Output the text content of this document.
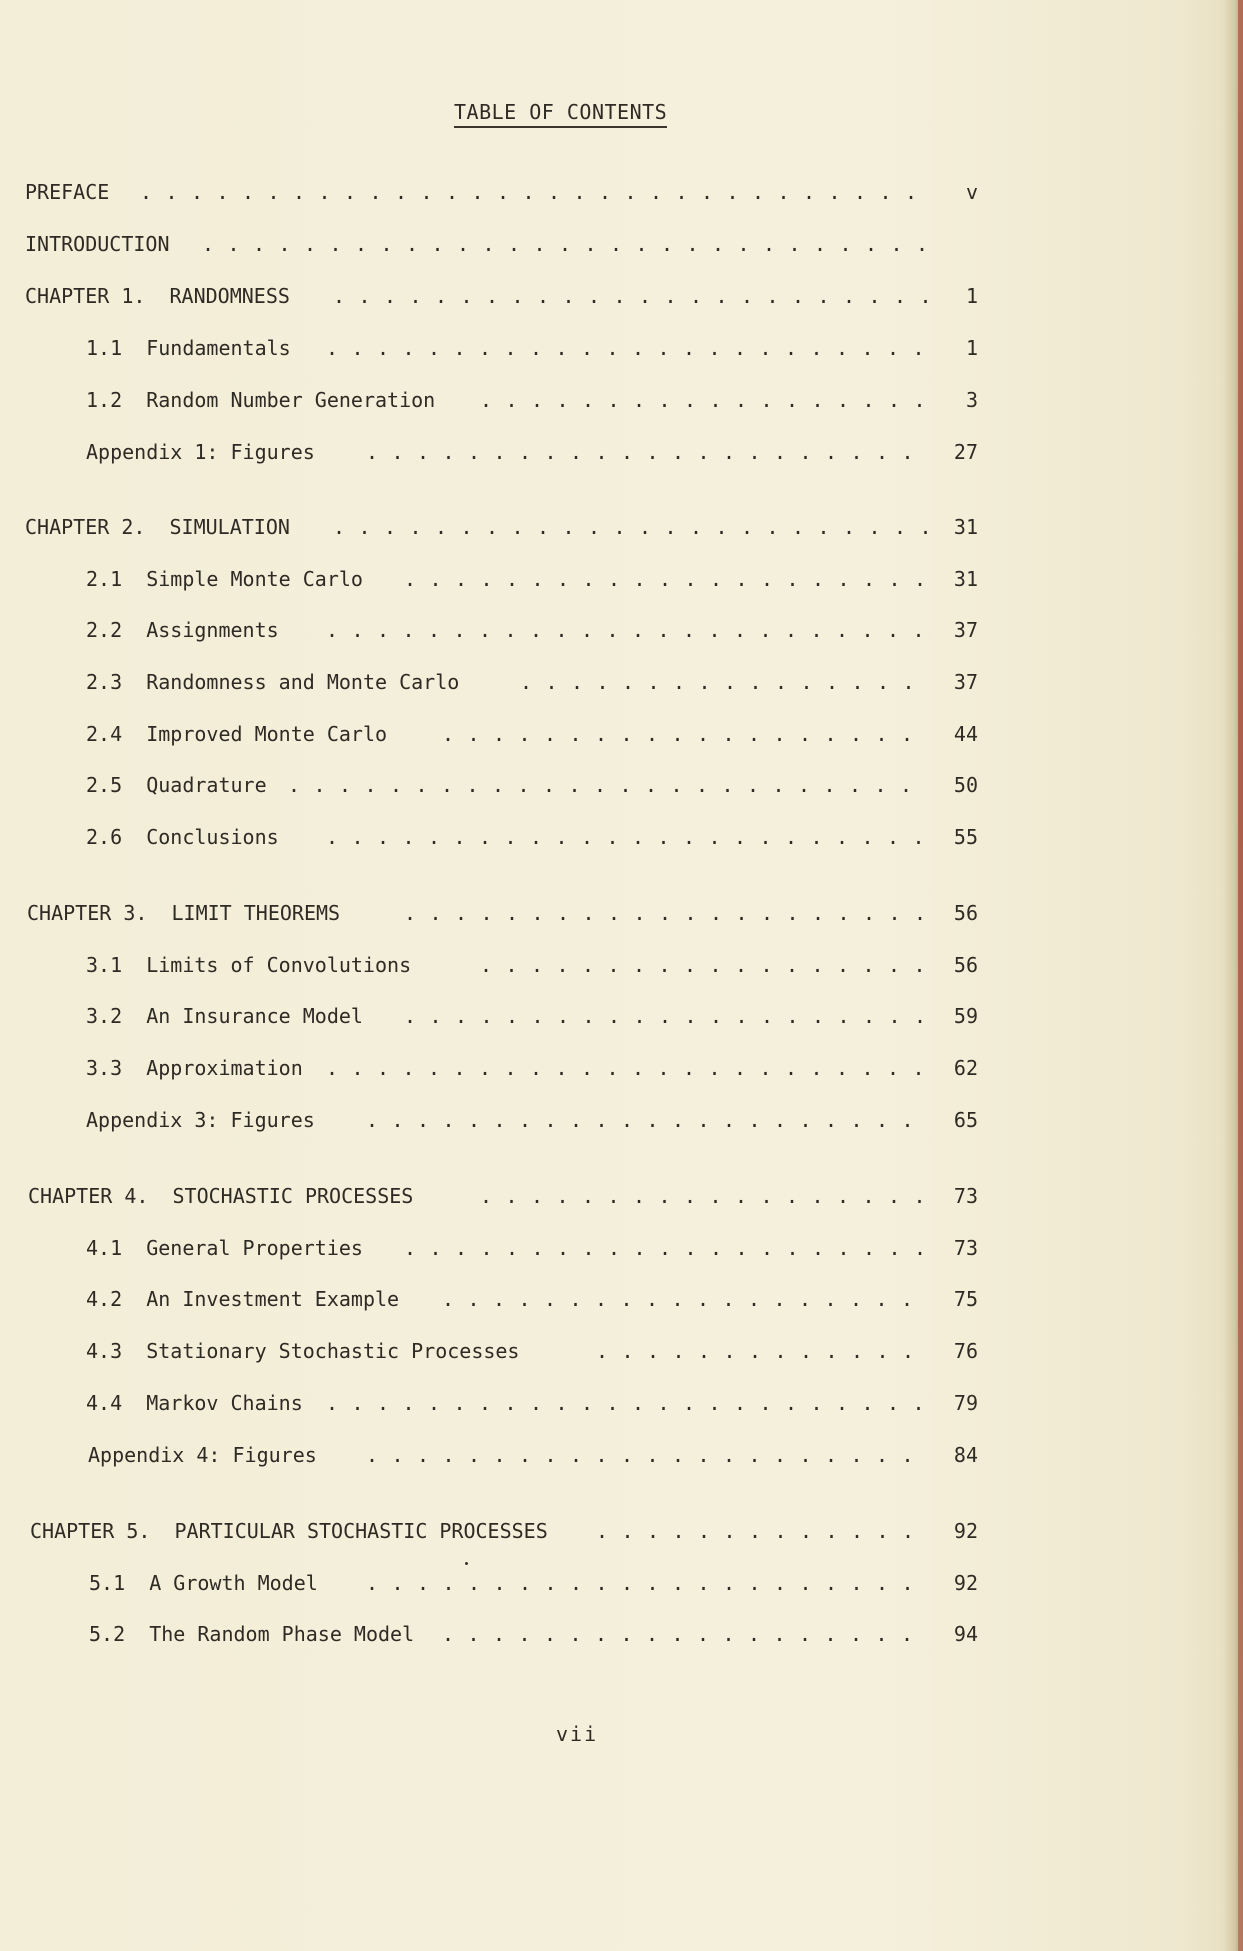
TABLE OF CONTENTS
PREFACE . . . . . . . . . . . . . . . . . . . . . . . . . . . . . . .	v
INTRODUCTION . . . . . . . . . . . . . . . . . . . . . . . . . . . . .
CHAPTER 1.  RANDOMNESS . . . . . . . . . . . . . . . . . . . . . . . .	1
1.1  Fundamentals . . . . . . . . . . . . . . . . . . . . . . . .	1
1.2  Random Number Generation . . . . . . . . . . . . . . . . . .	3
Appendix 1: Figures	. . . . . . . . . . . . . . . . . . . . . .	27
CHAPTER 2.  SIMULATION . . . . . . . . . . . . . . . . . . . . . . . .	31
2.1  Simple Monte Carlo . . . . . . . . . . . . . . . . . . . . .	31
2.2  Assignments . . . . . . . . . . . . . . . . . . . . . . . .	37
2.3  Randomness and Monte Carlo	. . . . . . . . . . . . . . . .	37
2.4  Improved Monte Carlo	. . . . . . . . . . . . . . . . . . .	44
2.5  Quadrature . . . . . . . . . . . . . . . . . . . . . . . . .	50
2.6  Conclusions . . . . . . . . . . . . . . . . . . . . . . . .	55
CHAPTER 3.  LIMIT THEOREMS	. . . . . . . . . . . . . . . . . . . . .	56
3.1  Limits of Convolutions	. . . . . . . . . . . . . . . . . .	56
3.2  An Insurance Model . . . . . . . . . . . . . . . . . . . . .	59
3.3  Approximation . . . . . . . . . . . . . . . . . . . . . . . .	62
Appendix 3: Figures	. . . . . . . . . . . . . . . . . . . . . .	65
CHAPTER 4.  STOCHASTIC PROCESSES	. . . . . . . . . . . . . . . . . .	73
4.1  General Properties . . . . . . . . . . . . . . . . . . . . .	73
4.2  An Investment Example . . . . . . . . . . . . . . . . . . .	75
4.3  Stationary Stochastic Processes	. . . . . . . . . . . . .	76
4.4  Markov Chains . . . . . . . . . . . . . . . . . . . . . . . .	79
Appendix 4: Figures . . . . . . . . . . . . . . . . . . . . . .	84
CHAPTER 5.  PARTICULAR STOCHASTIC PROCESSES . . . . . . . . . . . . .	92
5.1  A Growth Model . . . . . . . . . . . . . . . . . . . . . .	92
5.2  The Random Phase Model . . . . . . . . . . . . . . . . . . .	94
vii
